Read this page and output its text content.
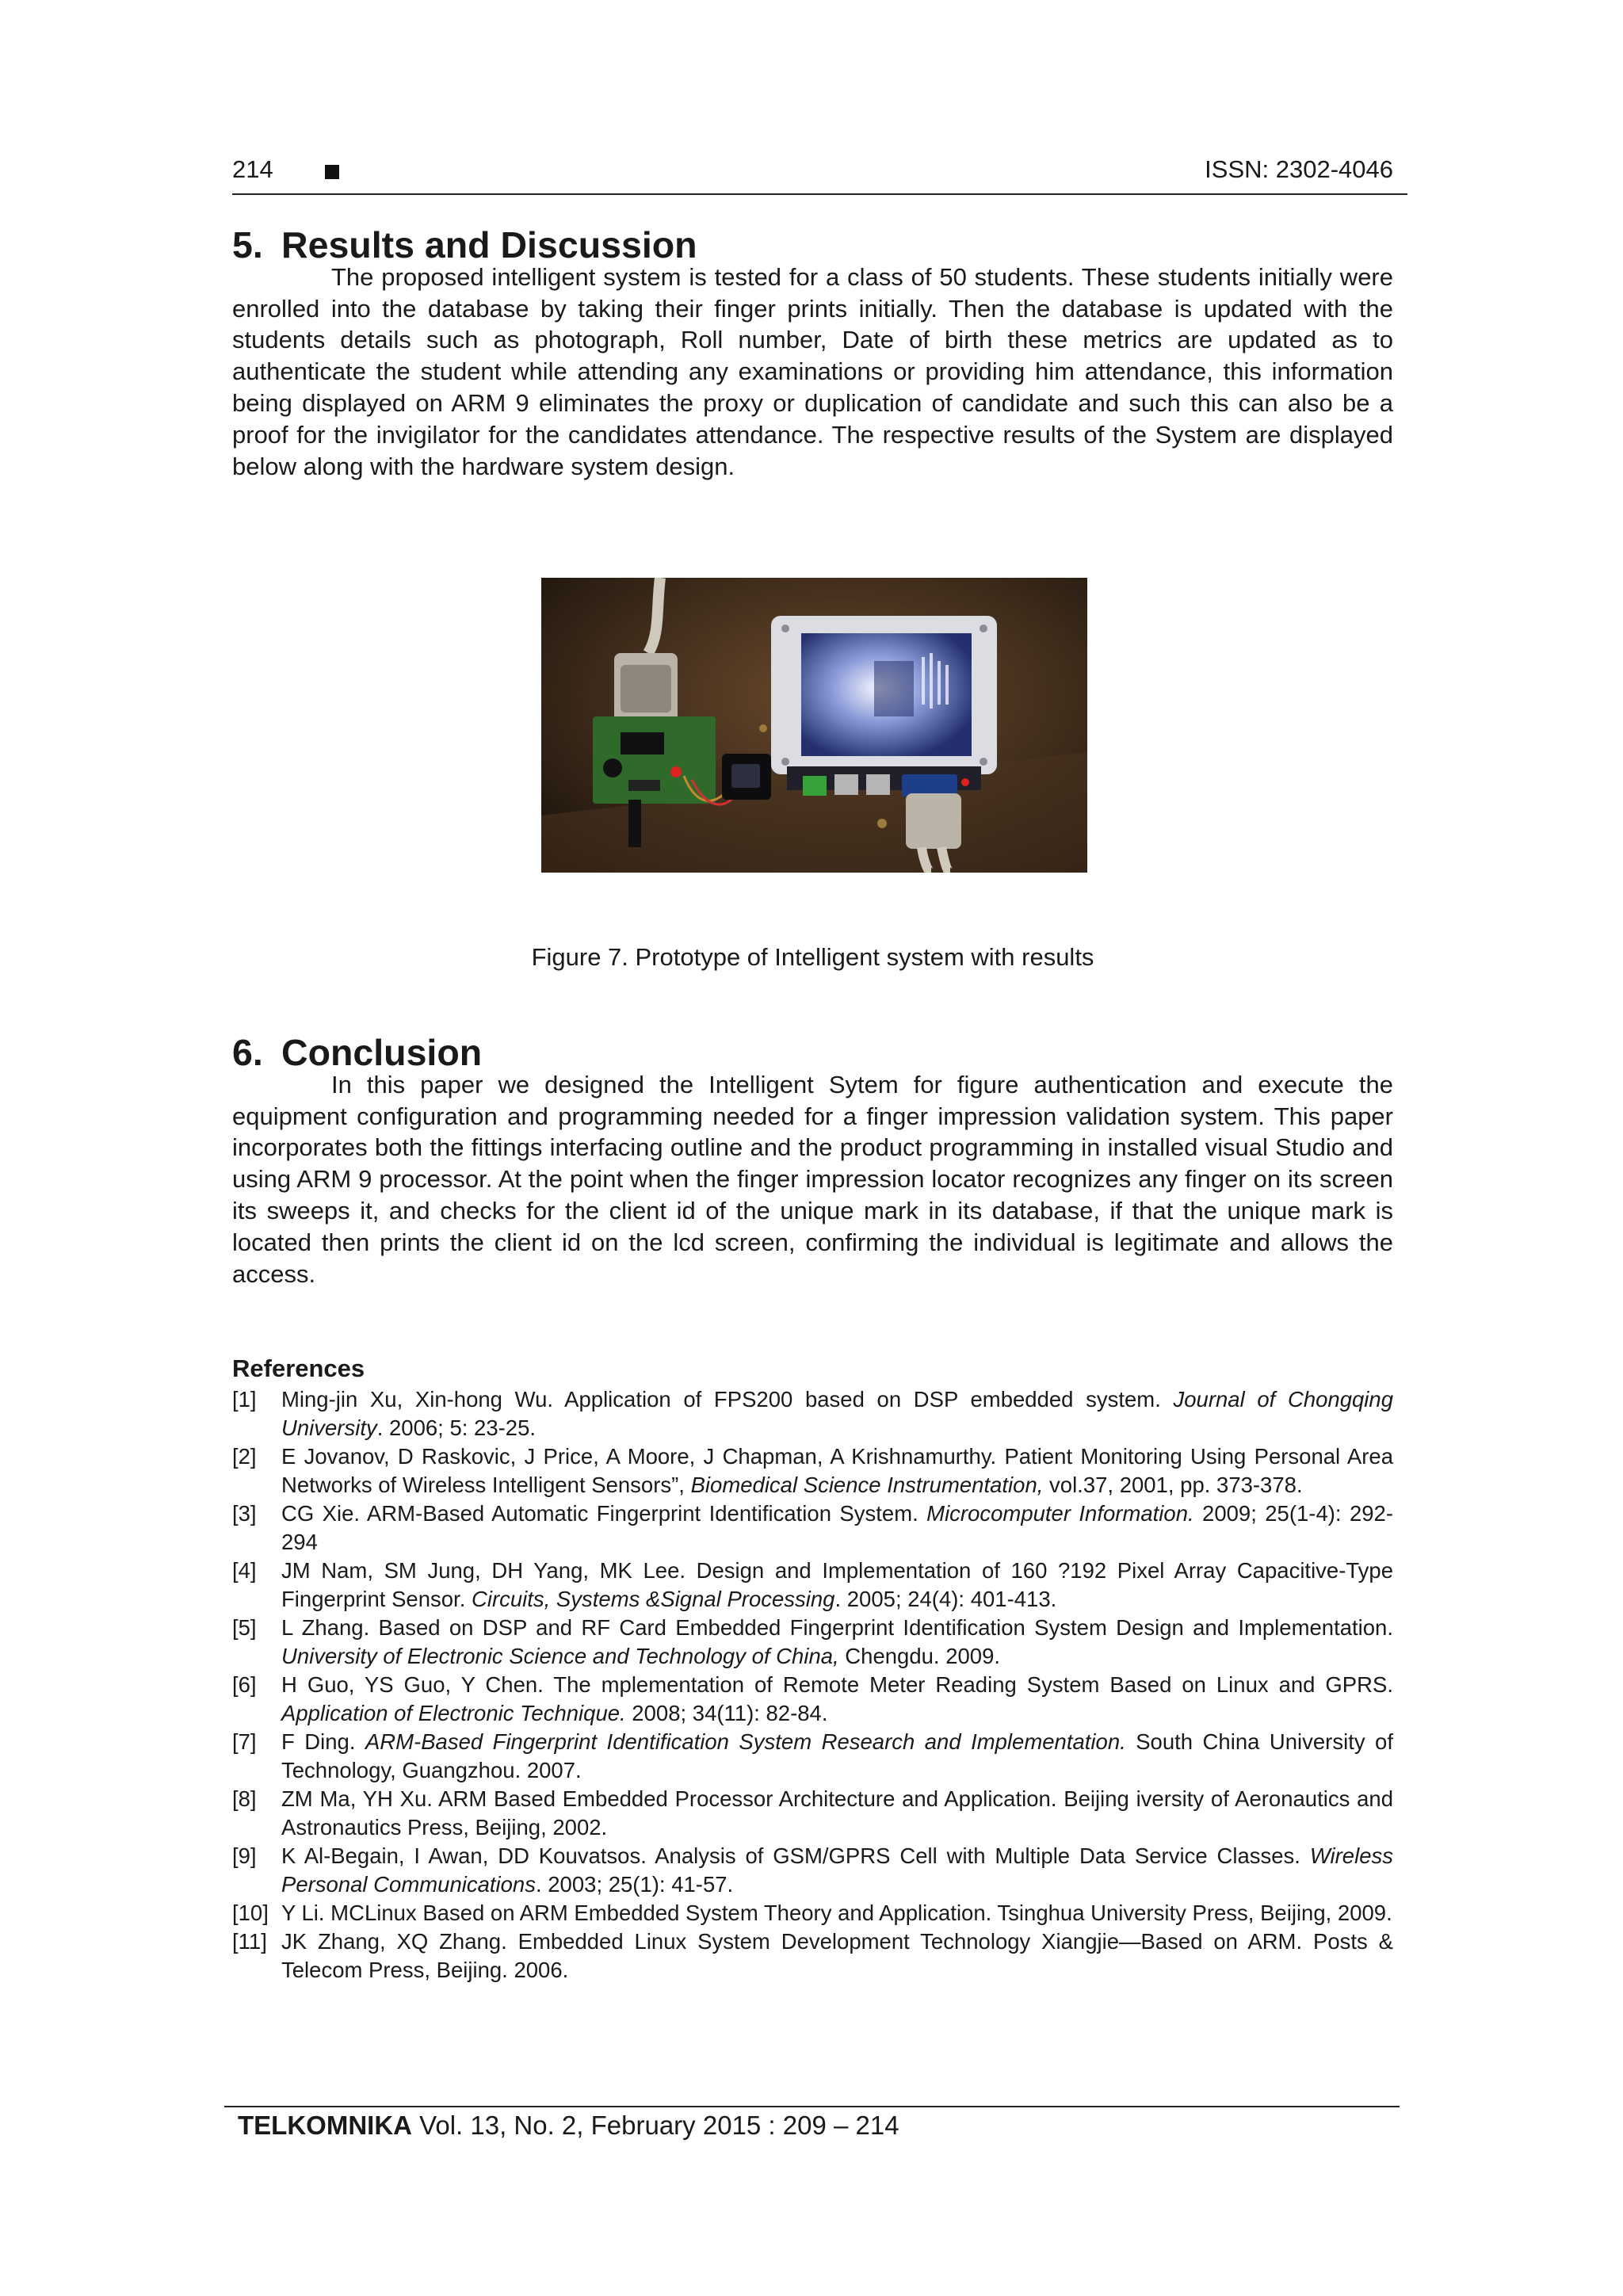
214	ISSN: 2302-4046
5. Results and Discussion

The proposed intelligent system is tested for a class of 50 students. These students initially were enrolled into the database by taking their finger prints initially. Then the database is updated with the students details such as photograph, Roll number, Date of birth these metrics are updated as to authenticate the student while attending any examinations or providing him attendance, this information being displayed on ARM 9 eliminates the proxy or duplication of candidate and such this can also be a proof for the invigilator for the candidates attendance. The respective results of the System are displayed below along with the hardware system design.

Figure 7. Prototype of Intelligent system with results
6. Conclusion

In this paper we designed the Intelligent Sytem for figure authentication and execute the equipment configuration and programming needed for a finger impression validation system. This paper incorporates both the fittings interfacing outline and the product programming in installed visual Studio and using ARM 9 processor. At the point when the finger impression locator recognizes any finger on its screen its sweeps it, and checks for the client id of the unique mark in its database, if that the unique mark is located then prints the client id on the lcd screen, confirming the individual is legitimate and allows the access.

References
[1] Ming-jin Xu, Xin-hong Wu. Application of FPS200 based on DSP embedded system. Journal of Chongqing University. 2006; 5: 23-25.
[2] E Jovanov, D Raskovic, J Price, A Moore, J Chapman, A Krishnamurthy. Patient Monitoring Using Personal Area Networks of Wireless Intelligent Sensors”, Biomedical Science Instrumentation, vol.37, 2001, pp. 373-378.
[3] CG Xie. ARM-Based Automatic Fingerprint Identification System. Microcomputer Information. 2009; 25(1-4): 292-294
[4] JM Nam, SM Jung, DH Yang, MK Lee. Design and Implementation of 160 ?192 Pixel Array Capacitive-Type Fingerprint Sensor. Circuits, Systems &Signal Processing. 2005; 24(4): 401-413.
[5] L Zhang. Based on DSP and RF Card Embedded Fingerprint Identification System Design and Implementation. University of Electronic Science and Technology of China, Chengdu. 2009.
[6] H Guo, YS Guo, Y Chen. The mplementation of Remote Meter Reading System Based on Linux and GPRS. Application of Electronic Technique. 2008; 34(11): 82-84.
[7] F Ding. ARM-Based Fingerprint Identification System Research and Implementation. South China University of Technology, Guangzhou. 2007.
[8] ZM Ma, YH Xu. ARM Based Embedded Processor Architecture and Application. Beijing iversity of Aeronautics and Astronautics Press, Beijing, 2002.
[9] K Al-Begain, I Awan, DD Kouvatsos. Analysis of GSM/GPRS Cell with Multiple Data Service Classes. Wireless Personal Communications. 2003; 25(1): 41-57.
[10] Y Li. MCLinux Based on ARM Embedded System Theory and Application. Tsinghua University Press, Beijing, 2009.
[11] JK Zhang, XQ Zhang. Embedded Linux System Development Technology Xiangjie—Based on ARM. Posts & Telecom Press, Beijing. 2006.
TELKOMNIKA Vol. 13, No. 2, February 2015 : 209 – 214
